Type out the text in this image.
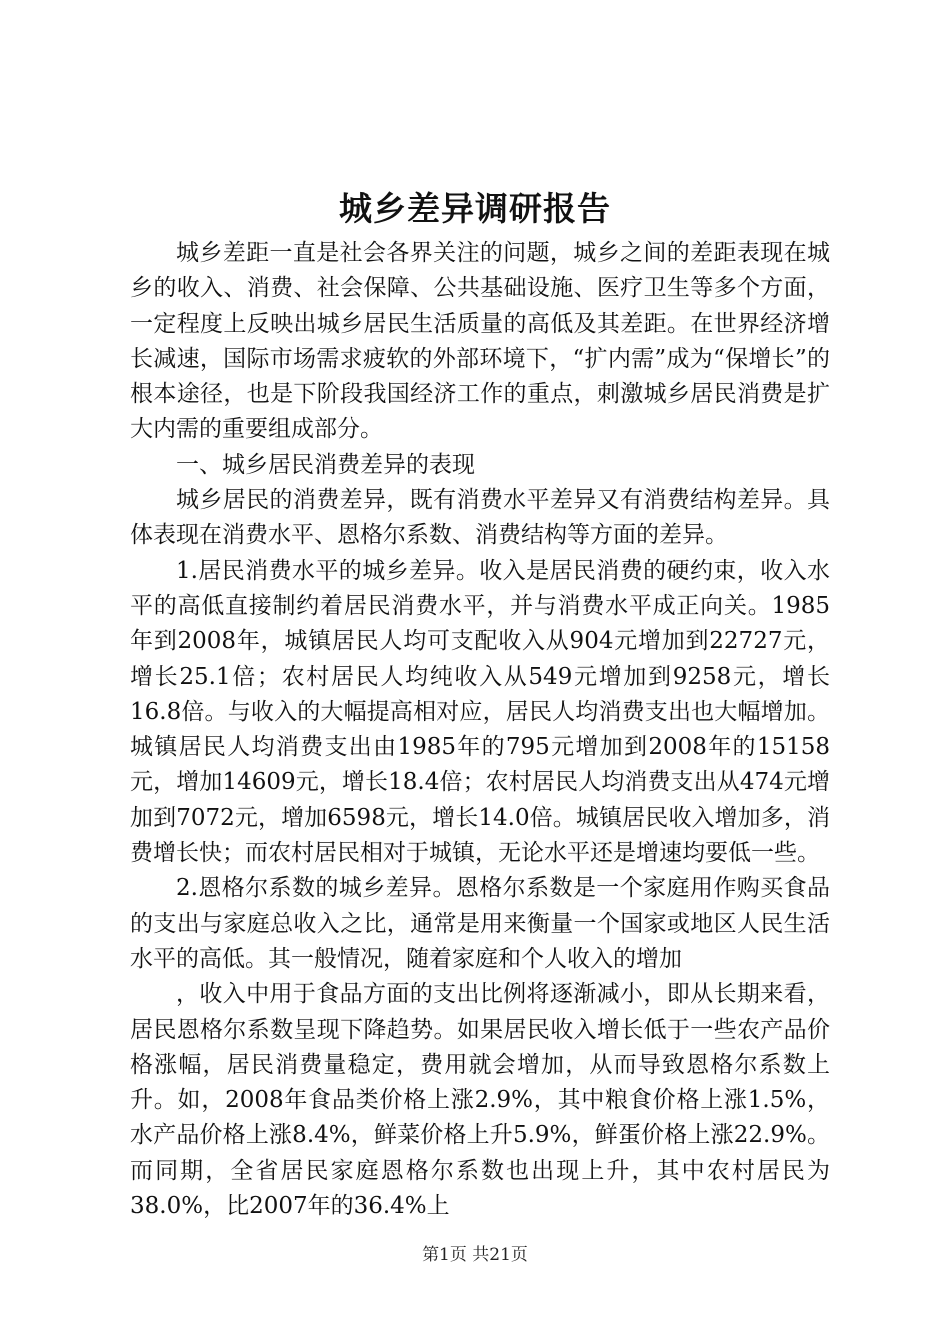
城乡差异调研报告

城乡差距一直是社会各界关注的问题，城乡之间的差距表现在城乡的收入、消费、社会保障、公共基础设施、医疗卫生等多个方面，一定程度上反映出城乡居民生活质量的高低及其差距。在世界经济增长减速，国际市场需求疲软的外部环境下，“扩内需”成为“保增长”的根本途径，也是下阶段我国经济工作的重点，刺激城乡居民消费是扩大内需的重要组成部分。

一、城乡居民消费差异的表现

城乡居民的消费差异，既有消费水平差异又有消费结构差异。具体表现在消费水平、恩格尔系数、消费结构等方面的差异。

1.居民消费水平的城乡差异。收入是居民消费的硬约束，收入水平的高低直接制约着居民消费水平，并与消费水平成正向关。1985年到2008年，城镇居民人均可支配收入从904元增加到22727元，增长25.1倍；农村居民人均纯收入从549元增加到9258元，增长16.8倍。与收入的大幅提高相对应，居民人均消费支出也大幅增加。城镇居民人均消费支出由1985年的795元增加到2008年的15158元，增加14609元，增长18.4倍；农村居民人均消费支出从474元增加到7072元，增加6598元，增长14.0倍。城镇居民收入增加多，消费增长快；而农村居民相对于城镇，无论水平还是增速均要低一些。

2.恩格尔系数的城乡差异。恩格尔系数是一个家庭用作购买食品的支出与家庭总收入之比，通常是用来衡量一个国家或地区人民生活水平的高低。其一般情况，随着家庭和个人收入的增加

，收入中用于食品方面的支出比例将逐渐减小，即从长期来看，居民恩格尔系数呈现下降趋势。如果居民收入增长低于一些农产品价格涨幅，居民消费量稳定，费用就会增加，从而导致恩格尔系数上升。如，2008年食品类价格上涨2.9%，其中粮食价格上涨1.5%，水产品价格上涨8.4%，鲜菜价格上升5.9%，鲜蛋价格上涨22.9%。而同期，全省居民家庭恩格尔系数也出现上升，其中农村居民为38.0%，比2007年的36.4%上

第1页 共21页
